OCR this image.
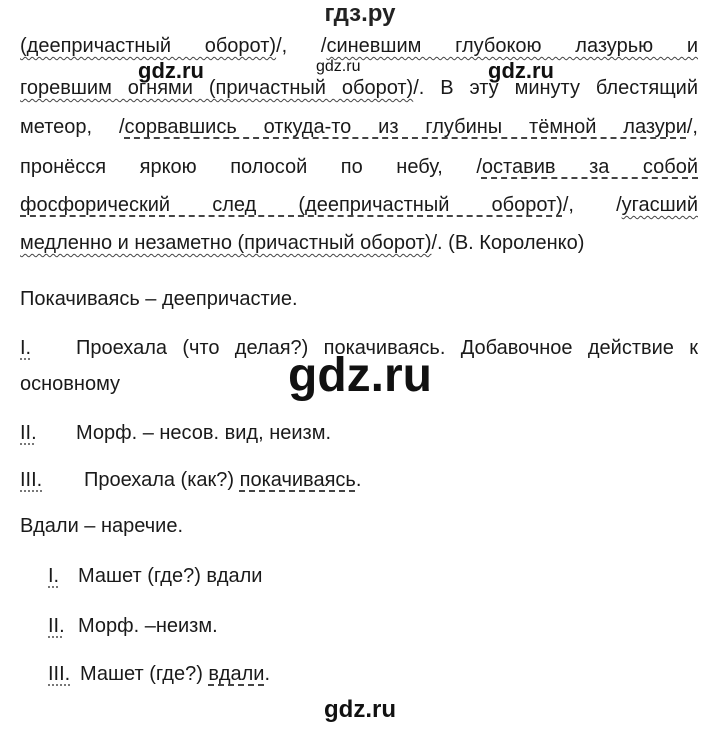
гдз.ру
(деепричастный оборот)/, /синевшим глубокою лазурью и
gdz.ru	gdz.ru	gdz.ru
горевшим огнями (причастный оборот)/. В эту минуту блестящий
метеор, /сорвавшись откуда-то из глубины тёмной лазури/,
пронёсся яркою полосой по небу, /оставив за собой
фосфорический след (деепричастный оборот)/, /угасший
медленно и незаметно (причастный оборот)/. (В. Короленко)
Покачиваясь – деепричастие.
I. Проехала (что делая?) покачиваясь. Добавочное действие к
основному
II. Морф. – несов. вид, неизм.
III. Проехала (как?) покачиваясь.
gdz.ru
Вдали – наречие.
I. Машет (где?) вдали
II. Морф. –неизм.
III. Машет (где?) вдали.
gdz.ru
